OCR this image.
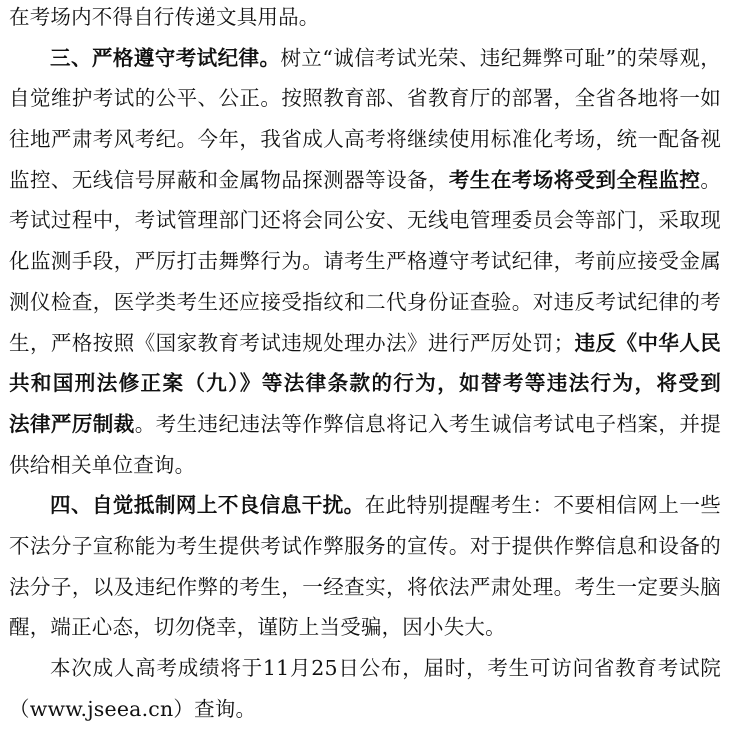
在考场内不得自行传递文具用品。
三、严格遵守考试纪律。树立“诚信考试光荣、违纪舞弊可耻”的荣辱观，
自觉维护考试的公平、公正。按照教育部、省教育厅的部署，全省各地将一如
往地严肃考风考纪。今年，我省成人高考将继续使用标准化考场，统一配备视
监控、无线信号屏蔽和金属物品探测器等设备，考生在考场将受到全程监控。
考试过程中，考试管理部门还将会同公安、无线电管理委员会等部门，采取现
化监测手段，严厉打击舞弊行为。请考生严格遵守考试纪律，考前应接受金属
测仪检查，医学类考生还应接受指纹和二代身份证查验。对违反考试纪律的考
生，严格按照《国家教育考试违规处理办法》进行严厉处罚；违反《中华人民
共和国刑法修正案（九）》等法律条款的行为，如替考等违法行为，将受到
法律严厉制裁。考生违纪违法等作弊信息将记入考生诚信考试电子档案，并提
供给相关单位查询。
四、自觉抵制网上不良信息干扰。在此特别提醒考生：不要相信网上一些
不法分子宣称能为考生提供考试作弊服务的宣传。对于提供作弊信息和设备的
法分子，以及违纪作弊的考生，一经查实，将依法严肃处理。考生一定要头脑
醒，端正心态，切勿侥幸，谨防上当受骗，因小失大。
本次成人高考成绩将于11月25日公布，届时，考生可访问省教育考试院
（www.jseea.cn）查询。
